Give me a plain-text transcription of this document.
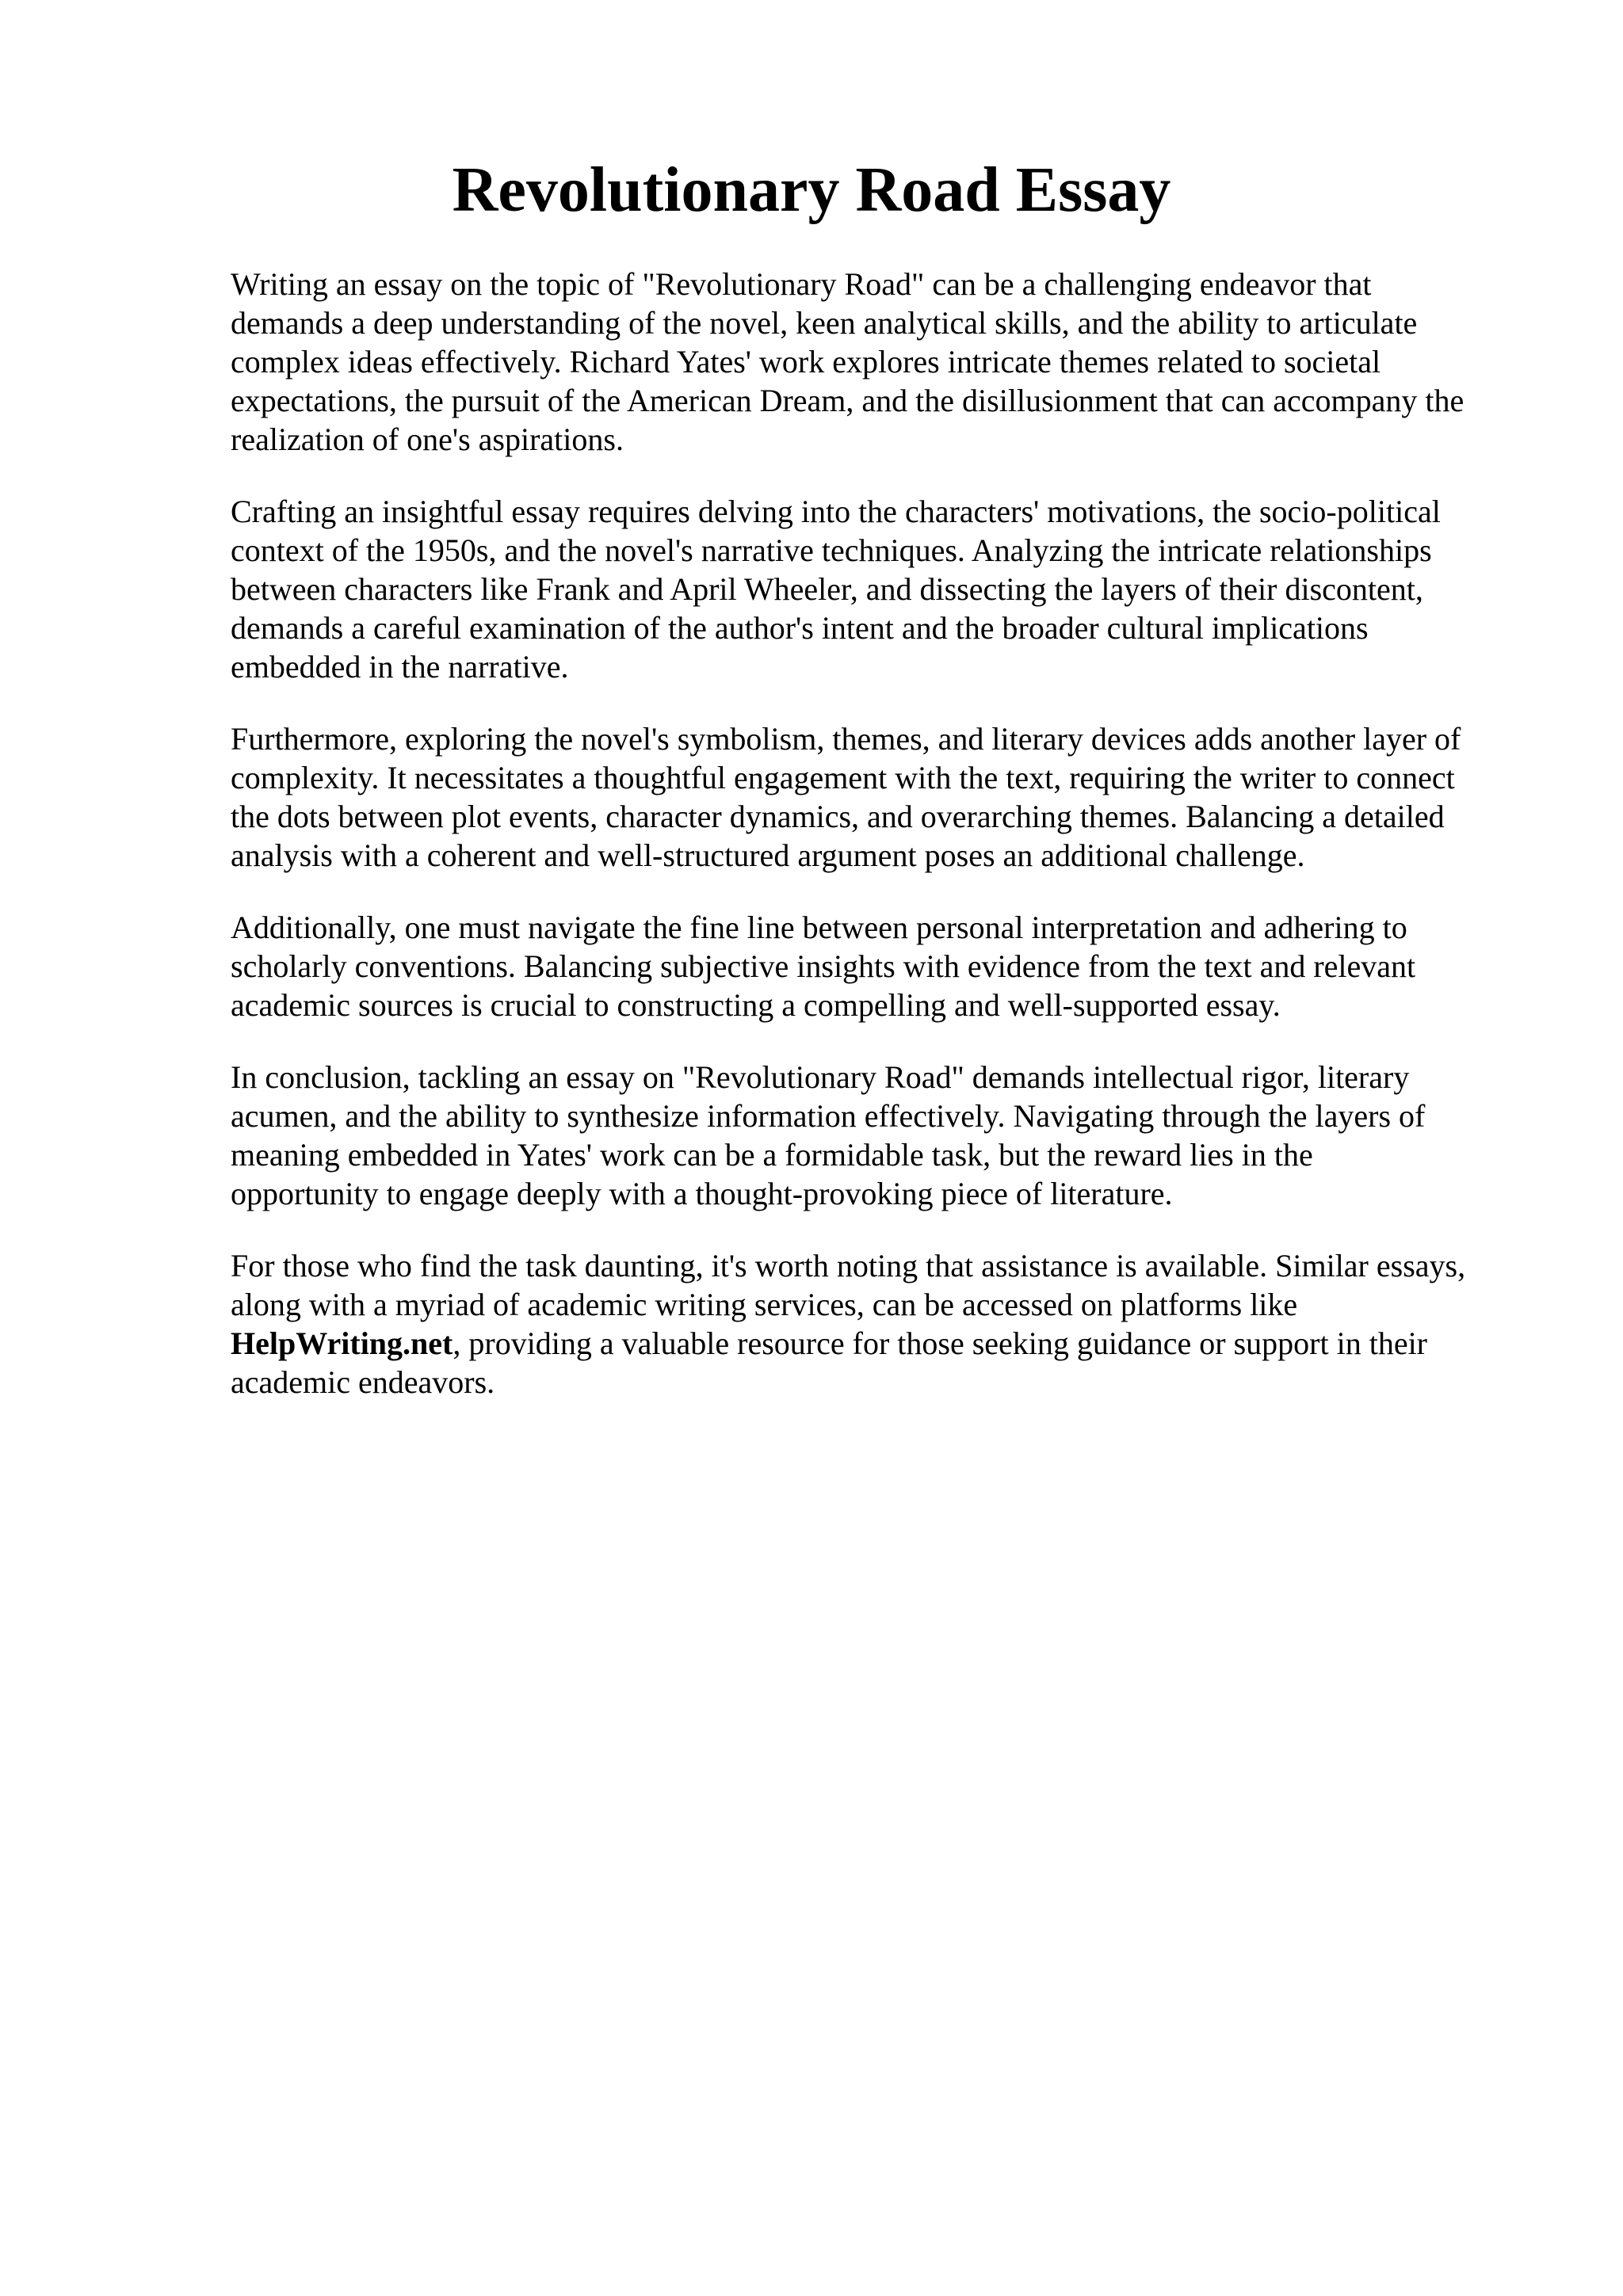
Revolutionary Road Essay

Writing an essay on the topic of "Revolutionary Road" can be a challenging endeavor that
demands a deep understanding of the novel, keen analytical skills, and the ability to articulate
complex ideas effectively. Richard Yates' work explores intricate themes related to societal
expectations, the pursuit of the American Dream, and the disillusionment that can accompany the
realization of one's aspirations.

Crafting an insightful essay requires delving into the characters' motivations, the socio-political
context of the 1950s, and the novel's narrative techniques. Analyzing the intricate relationships
between characters like Frank and April Wheeler, and dissecting the layers of their discontent,
demands a careful examination of the author's intent and the broader cultural implications
embedded in the narrative.

Furthermore, exploring the novel's symbolism, themes, and literary devices adds another layer of
complexity. It necessitates a thoughtful engagement with the text, requiring the writer to connect
the dots between plot events, character dynamics, and overarching themes. Balancing a detailed
analysis with a coherent and well-structured argument poses an additional challenge.

Additionally, one must navigate the fine line between personal interpretation and adhering to
scholarly conventions. Balancing subjective insights with evidence from the text and relevant
academic sources is crucial to constructing a compelling and well-supported essay.

In conclusion, tackling an essay on "Revolutionary Road" demands intellectual rigor, literary
acumen, and the ability to synthesize information effectively. Navigating through the layers of
meaning embedded in Yates' work can be a formidable task, but the reward lies in the
opportunity to engage deeply with a thought-provoking piece of literature.

For those who find the task daunting, it's worth noting that assistance is available. Similar essays,
along with a myriad of academic writing services, can be accessed on platforms like
HelpWriting.net, providing a valuable resource for those seeking guidance or support in their
academic endeavors.
